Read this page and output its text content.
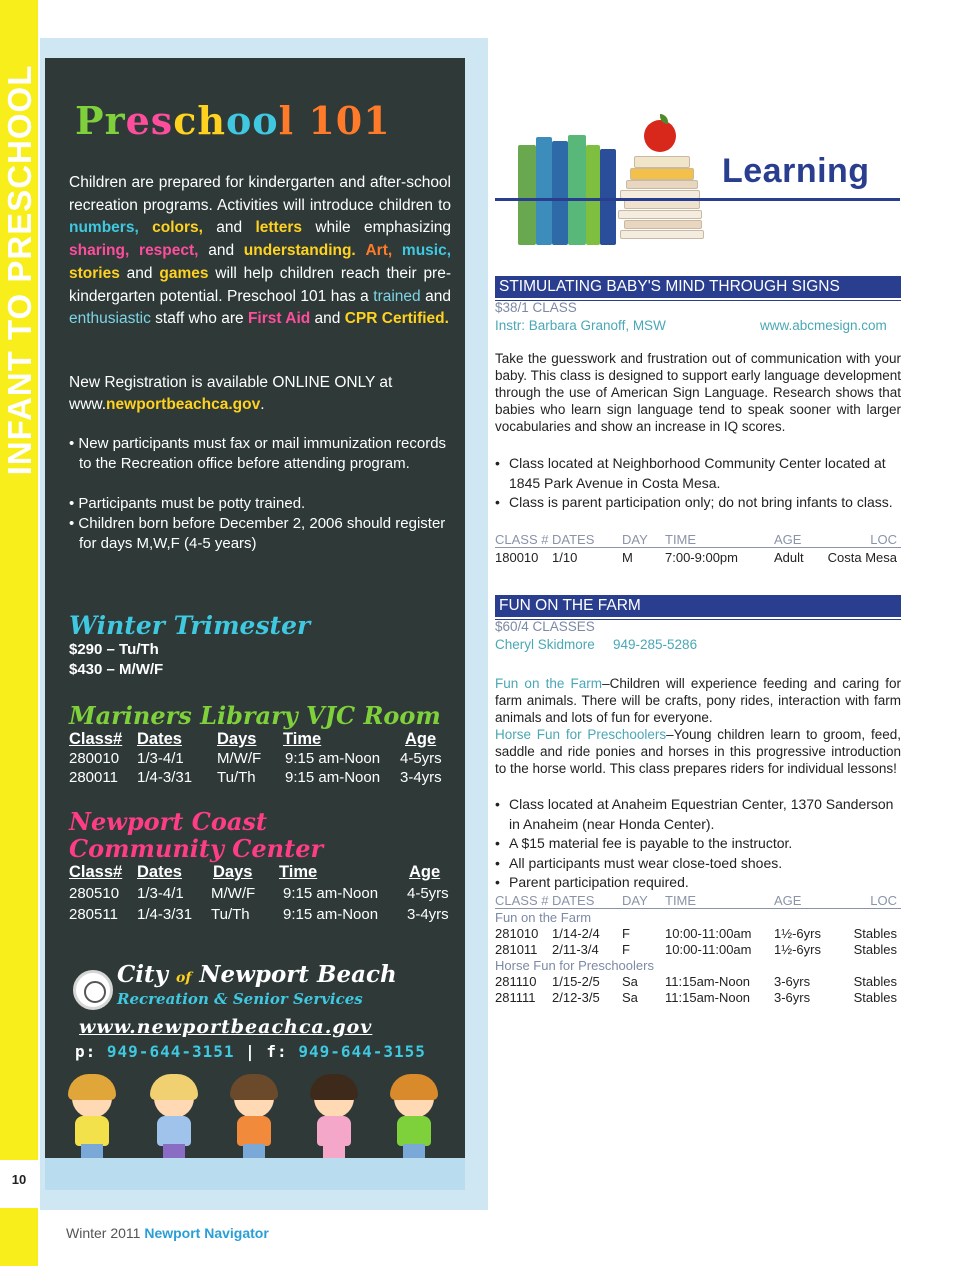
INFANT TO PRESCHOOL
10
Preschool 101
Children are prepared for kindergarten and after-school recreation programs. Activities will introduce children to numbers, colors, and letters while emphasizing sharing, respect, and understanding. Art, music, stories and games will help children reach their pre-kindergarten potential. Preschool 101 has a trained and enthusiastic staff who are First Aid and CPR Certified.
New Registration is available ONLINE ONLY at www.newportbeachca.gov.
• New participants must fax or mail immunization records to the Recreation office before attending program.
• Participants must be potty trained.
• Children born before December 2, 2006 should register for days M,W,F (4-5 years)
Winter Trimester
$290 – Tu/Th
$430 – M/W/F
Mariners Library VJC Room
Class# Dates Days Time	Age
280010 1/3-4/1 M/W/F 9:15 am-Noon 4-5yrs
280011 1/4-3/31 Tu/Th 9:15 am-Noon 3-4yrs
Newport Coast
Community Center
Class# Dates Days Time	Age
280510 1/3-4/1 M/W/F 9:15 am-Noon 4-5yrs
280511 1/4-3/31 Tu/Th 9:15 am-Noon 3-4yrs
City of Newport Beach
Recreation & Senior Services
www.newportbeachca.gov
p: 949-644-3151 | f: 949-644-3155
Learning
STIMULATING BABY'S MIND THROUGH SIGNS
$38/1 CLASS
Instr: Barbara Granoff, MSW	www.abcmesign.com
Take the guesswork and frustration out of communication with your baby. This class is designed to support early language development through the use of American Sign Language. Research shows that babies who learn sign language tend to speak sooner with larger vocabularies and show an increase in IQ scores.
• Class located at Neighborhood Community Center located at 1845 Park Avenue in Costa Mesa.
• Class is parent participation only; do not bring infants to class.
CLASS # DATES DAY TIME	AGE	LOC
180010 1/10	M 7:00-9:00pm	Adult Costa Mesa
FUN ON THE FARM
$60/4 CLASSES
Cheryl Skidmore 949-285-5286
Fun on the Farm–Children will experience feeding and caring for farm animals. There will be crafts, pony rides, interaction with farm animals and lots of fun for everyone.
Horse Fun for Preschoolers–Young children learn to groom, feed, saddle and ride ponies and horses in this progressive introduction to the horse world. This class prepares riders for individual lessons!
• Class located at Anaheim Equestrian Center, 1370 Sanderson in Anaheim (near Honda Center).
• A $15 material fee is payable to the instructor.
• All participants must wear close-toed shoes.
• Parent participation required.
CLASS # DATES DAY TIME	AGE	LOC
Fun on the Farm
281010 1/14-2/4 F	10:00-11:00am 1½-6yrs	Stables
281011 2/11-3/4 F	10:00-11:00am 1½-6yrs	Stables
Horse Fun for Preschoolers
281110 1/15-2/5 Sa 11:15am-Noon 3-6yrs	Stables
281111 2/12-3/5 Sa 11:15am-Noon 3-6yrs	Stables
Winter 2011 Newport Navigator
